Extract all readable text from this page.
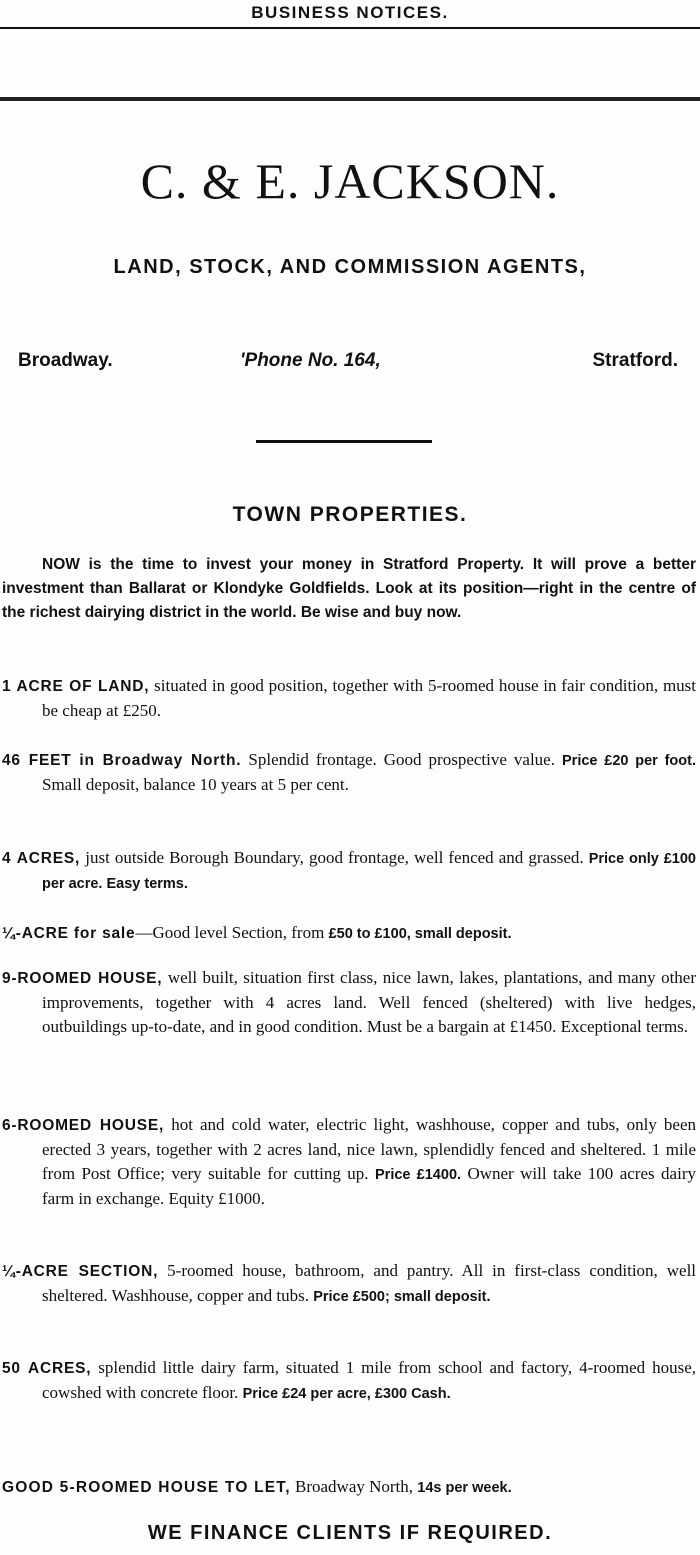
BUSINESS NOTICES.
C. & E. JACKSON.
LAND, STOCK, AND COMMISSION AGENTS,
Broadway.	'Phone No. 164,	Stratford.
TOWN PROPERTIES.
NOW is the time to invest your money in Stratford Property. It will prove a better investment than Ballarat or Klondyke Goldfields. Look at its position—right in the centre of the richest dairying district in the world. Be wise and buy now.
1 ACRE OF LAND, situated in good position, together with 5-roomed house in fair condition, must be cheap at £250.
46 FEET in Broadway North. Splendid frontage. Good prospective value. Price £20 per foot. Small deposit, balance 10 years at 5 per cent.
4 ACRES, just outside Borough Boundary, good frontage, well fenced and grassed. Price only £100 per acre. Easy terms.
¼-ACRE for sale—Good level Section, from £50 to £100, small deposit.
9-ROOMED HOUSE, well built, situation first class, nice lawn, lakes, plantations, and many other improvements, together with 4 acres land. Well fenced (sheltered) with live hedges, outbuildings up-to-date, and in good condition. Must be a bargain at £1450. Exceptional terms.
6-ROOMED HOUSE, hot and cold water, electric light, washhouse, copper and tubs, only been erected 3 years, together with 2 acres land, nice lawn, splendidly fenced and sheltered. 1 mile from Post Office; very suitable for cutting up. Price £1400. Owner will take 100 acres dairy farm in exchange. Equity £1000.
¼-ACRE SECTION, 5-roomed house, bathroom, and pantry. All in first-class condition, well sheltered. Washhouse, copper and tubs. Price £500; small deposit.
50 ACRES, splendid little dairy farm, situated 1 mile from school and factory, 4-roomed house, cowshed with concrete floor. Price £24 per acre, £300 Cash.
GOOD 5-ROOMED HOUSE TO LET, Broadway North, 14s per week.
WE FINANCE CLIENTS IF REQUIRED.
